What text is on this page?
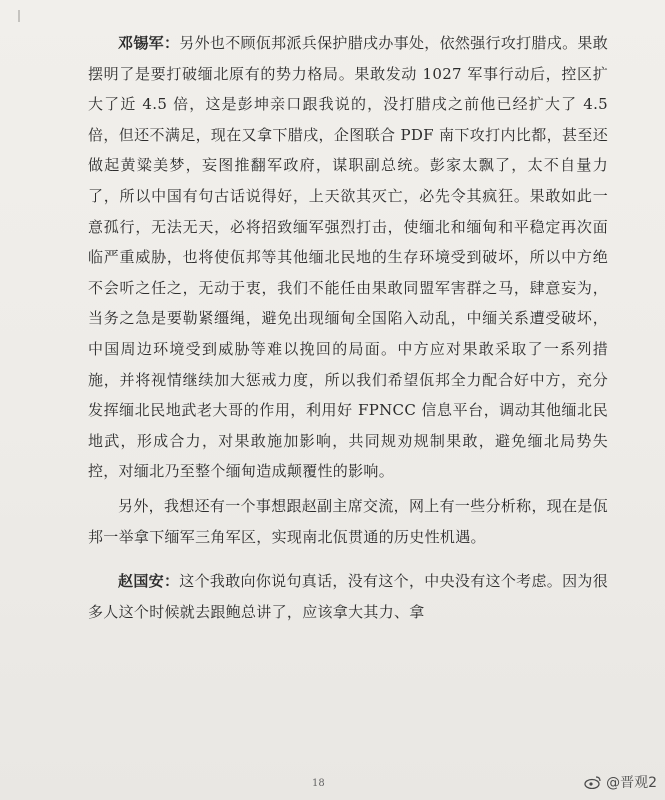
邓锡军：另外也不顾佤邦派兵保护腊戌办事处，依然强行攻打腊戌。果敢摆明了是要打破缅北原有的势力格局。果敢发动 1027 军事行动后，控区扩大了近 4.5 倍，这是彭坤亲口跟我说的，没打腊戌之前他已经扩大了 4.5 倍，但还不满足，现在又拿下腊戌，企图联合 PDF 南下攻打内比都，甚至还做起黄粱美梦，妄图推翻军政府，谋职副总统。彭家太飘了，太不自量力了，所以中国有句古话说得好，上天欲其灭亡，必先令其疯狂。果敢如此一意孤行，无法无天，必将招致缅军强烈打击，使缅北和缅甸和平稳定再次面临严重威胁，也将使佤邦等其他缅北民地的生存环境受到破坏，所以中方绝不会听之任之，无动于衷，我们不能任由果敢同盟军害群之马，肆意妄为，当务之急是要勒紧缰绳，避免出现缅甸全国陷入动乱，中缅关系遭受破坏，中国周边环境受到威胁等难以挽回的局面。中方应对果敢采取了一系列措施，并将视情继续加大惩戒力度，所以我们希望佤邦全力配合好中方，充分发挥缅北民地武老大哥的作用，利用好 FPNCC 信息平台，调动其他缅北民地武，形成合力，对果敢施加影响，共同规劝规制果敢，避免缅北局势失控，对缅北乃至整个缅甸造成颠覆性的影响。

另外，我想还有一个事想跟赵副主席交流，网上有一些分析称，现在是佤邦一举拿下缅军三角军区，实现南北佤贯通的历史性机遇。

赵国安：这个我敢向你说句真话，没有这个，中央没有这个考虑。因为很多人这个时候就去跟鲍总讲了，应该拿大其力、拿

18	@晋观2
